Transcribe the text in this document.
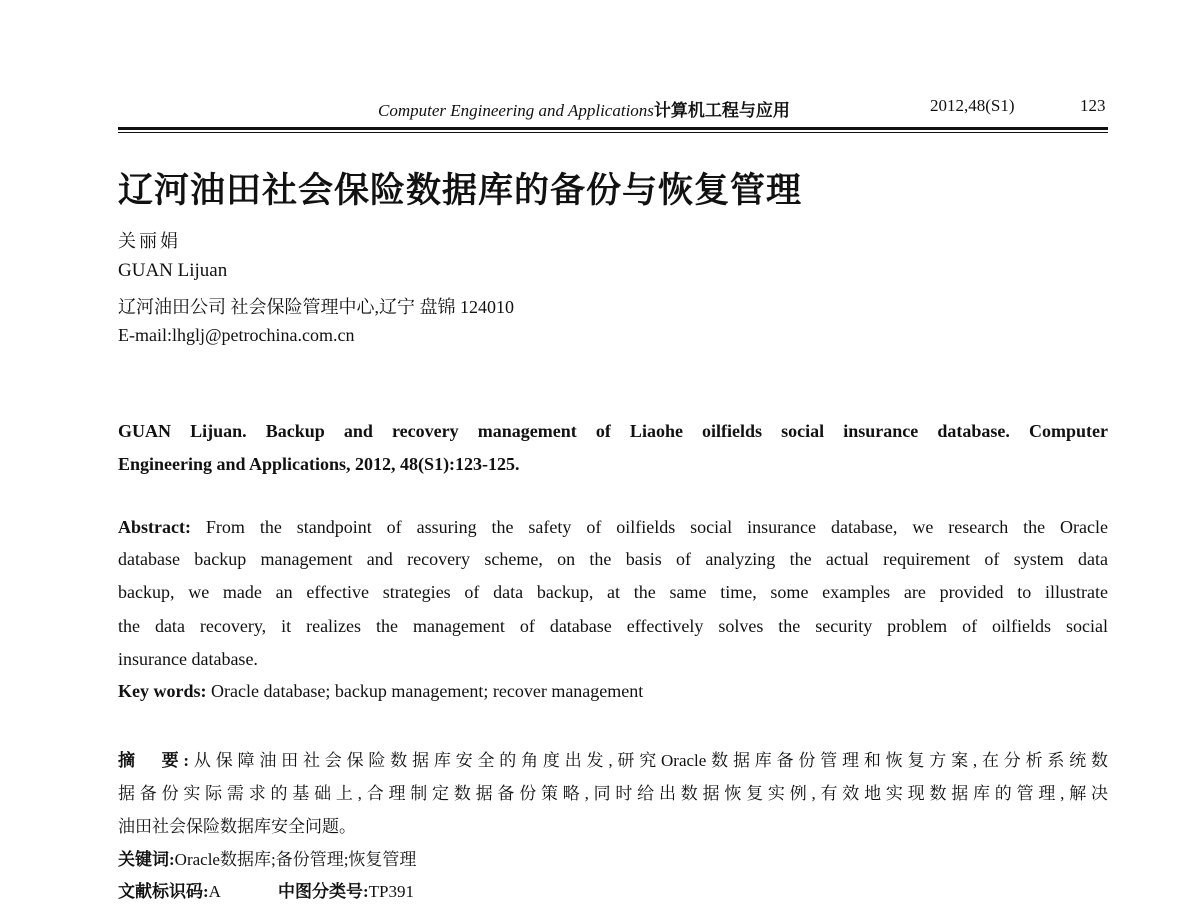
Computer Engineering and Applications计算机工程与应用	2012,48(S1)	123
辽河油田社会保险数据库的备份与恢复管理
关丽娟
GUAN Lijuan
辽河油田公司 社会保险管理中心,辽宁 盘锦 124010
E-mail:lhglj@petrochina.com.cn
GUAN Lijuan. Backup and recovery management of Liaohe oilfields social insurance database. Computer
Engineering and Applications, 2012, 48(S1):123-125.
Abstract: From the standpoint of assuring the safety of oilfields social insurance database, we research the Oracle
database backup management and recovery scheme, on the basis of analyzing the actual requirement of system data
backup, we made an effective strategies of data backup, at the same time, some examples are provided to illustrate
the data recovery, it realizes the management of database effectively solves the security problem of oilfields social
insurance database.
Key words: Oracle database; backup management; recover management
摘　要:从保障油田社会保险数据库安全的角度出发,研究Oracle数据库备份管理和恢复方案,在分析系统数
据备份实际需求的基础上,合理制定数据备份策略,同时给出数据恢复实例,有效地实现数据库的管理,解决
油田社会保险数据库安全问题。
关键词:Oracle数据库;备份管理;恢复管理
文献标识码:A	中图分类号:TP391
